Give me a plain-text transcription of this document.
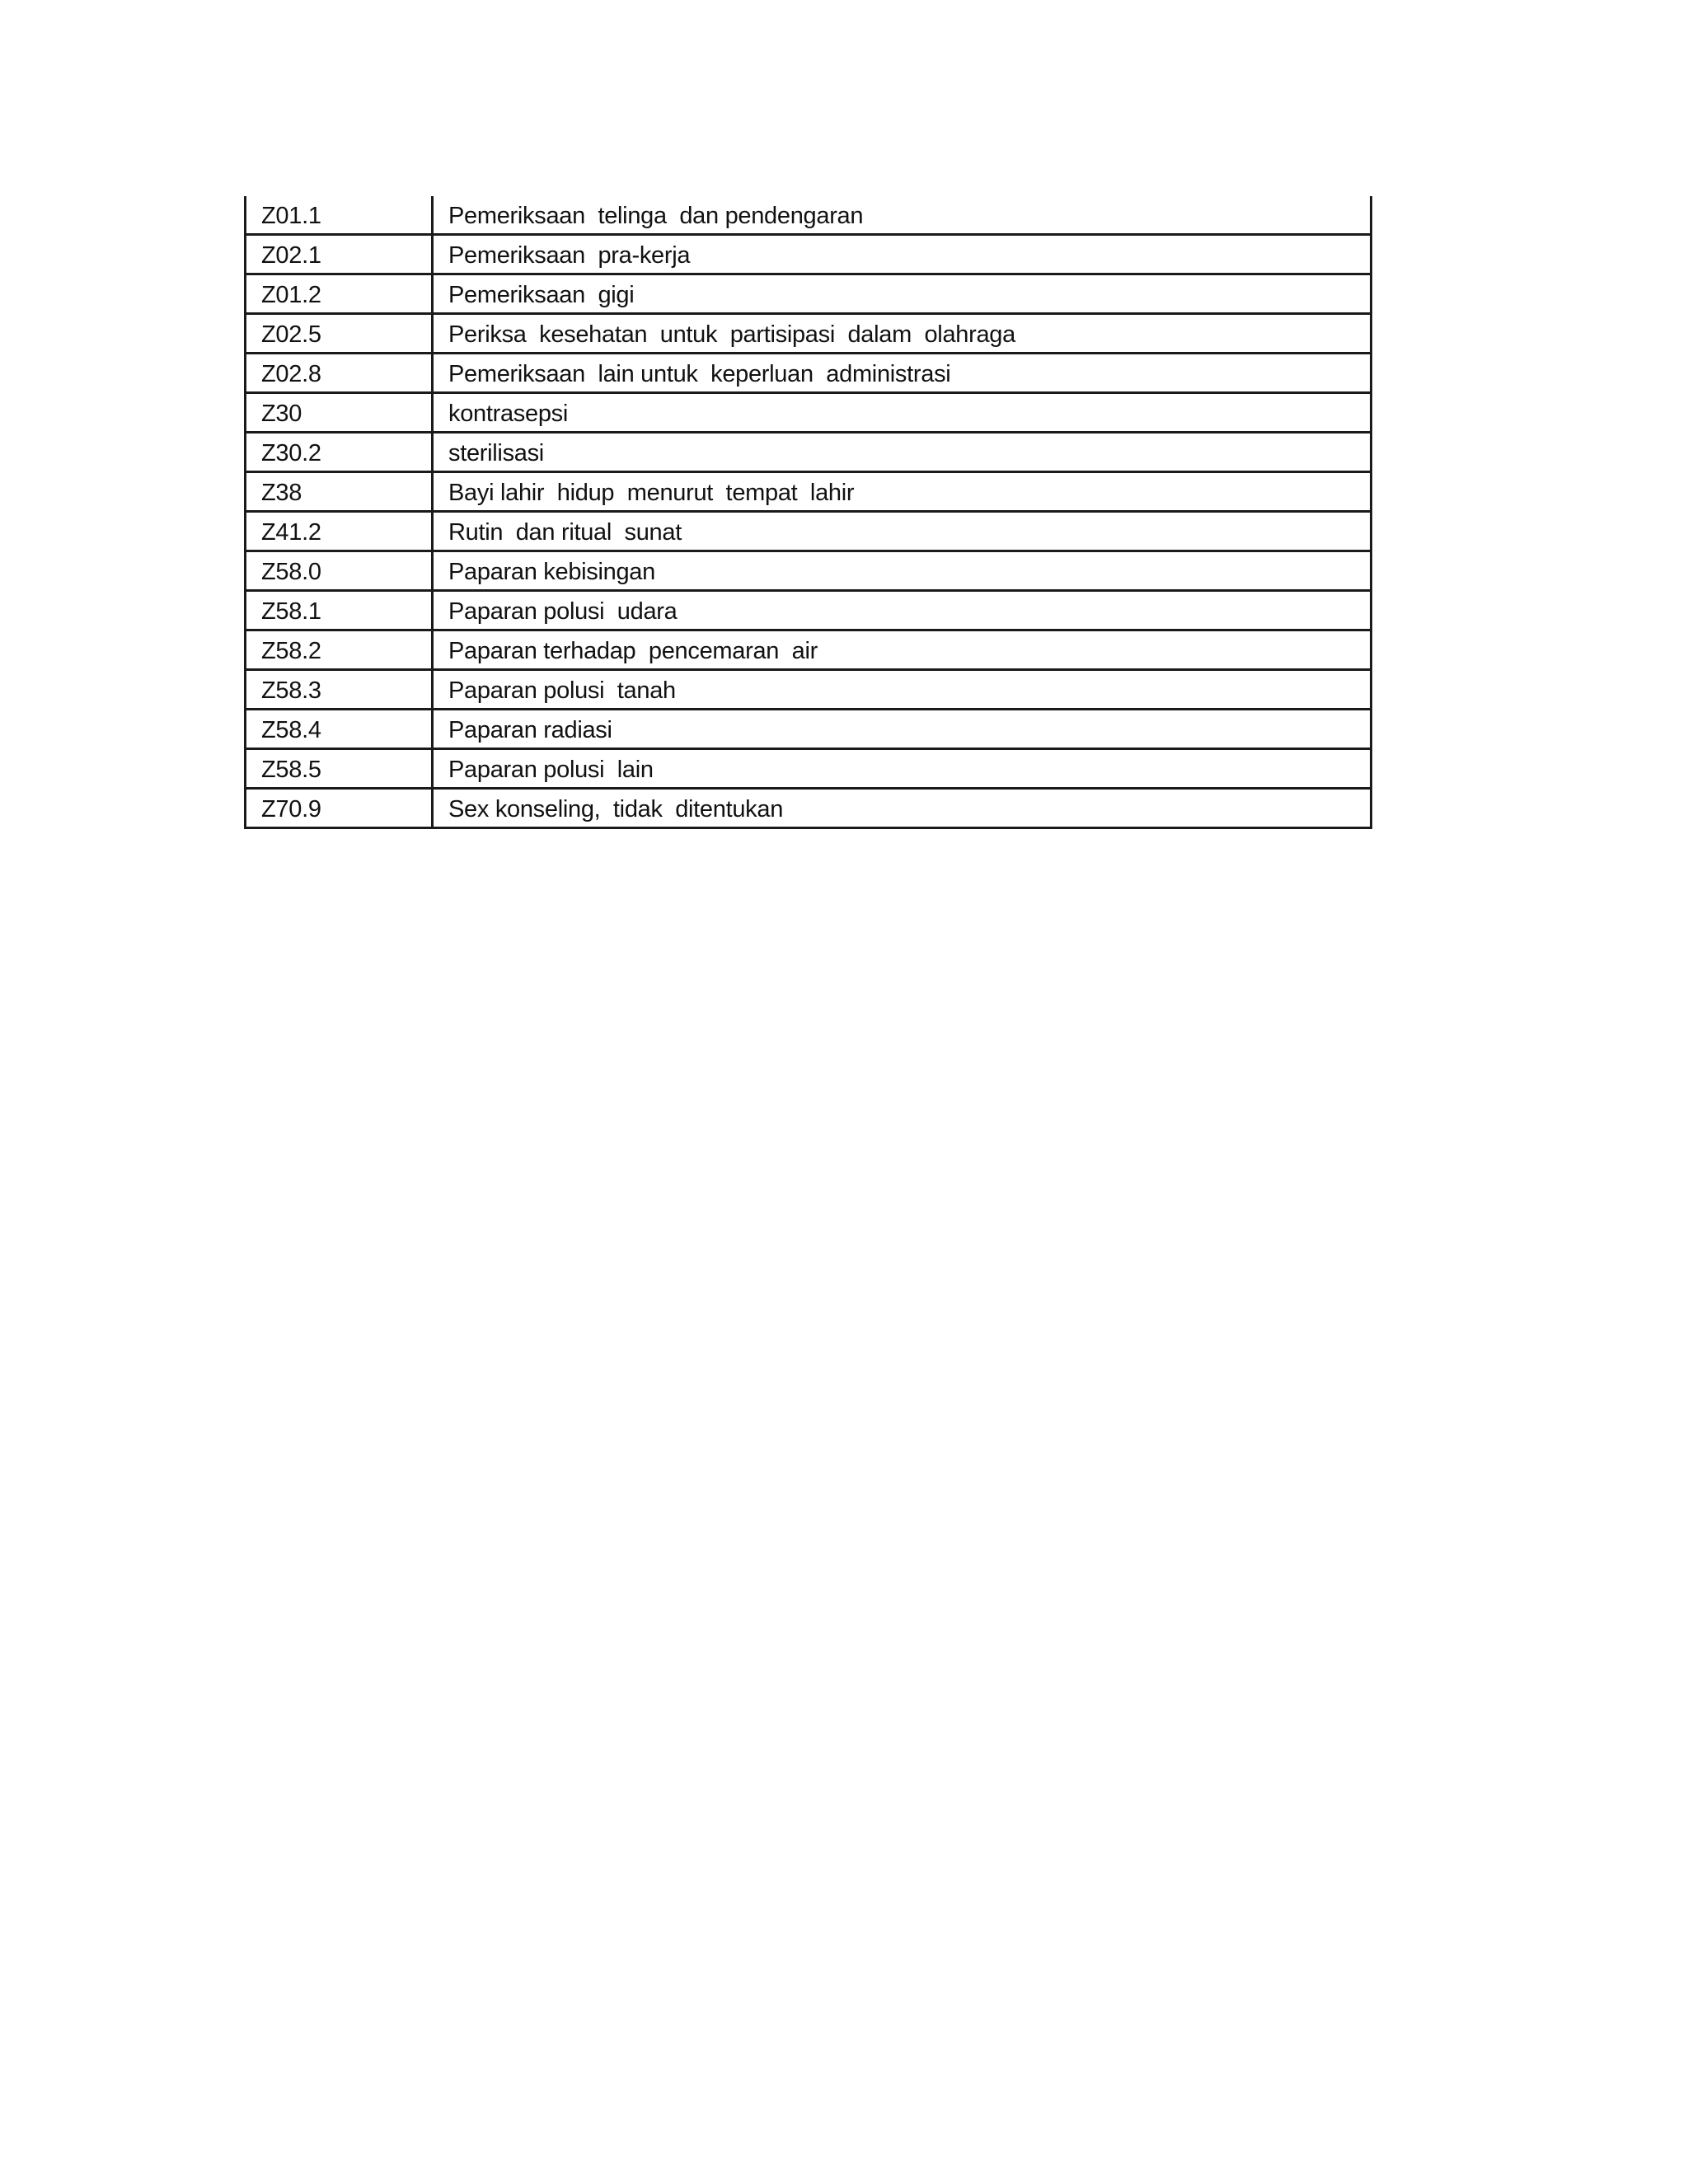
Z01.1	Pemeriksaan  telinga  dan pendengaran
Z02.1	Pemeriksaan  pra-kerja
Z01.2	Pemeriksaan  gigi
Z02.5	Periksa  kesehatan  untuk  partisipasi  dalam  olahraga
Z02.8	Pemeriksaan  lain untuk  keperluan  administrasi
Z30	kontrasepsi
Z30.2	sterilisasi
Z38	Bayi lahir  hidup  menurut  tempat  lahir
Z41.2	Rutin  dan ritual  sunat
Z58.0	Paparan kebisingan
Z58.1	Paparan polusi  udara
Z58.2	Paparan terhadap  pencemaran  air
Z58.3	Paparan polusi  tanah
Z58.4	Paparan radiasi
Z58.5	Paparan polusi  lain
Z70.9	Sex konseling,  tidak  ditentukan
